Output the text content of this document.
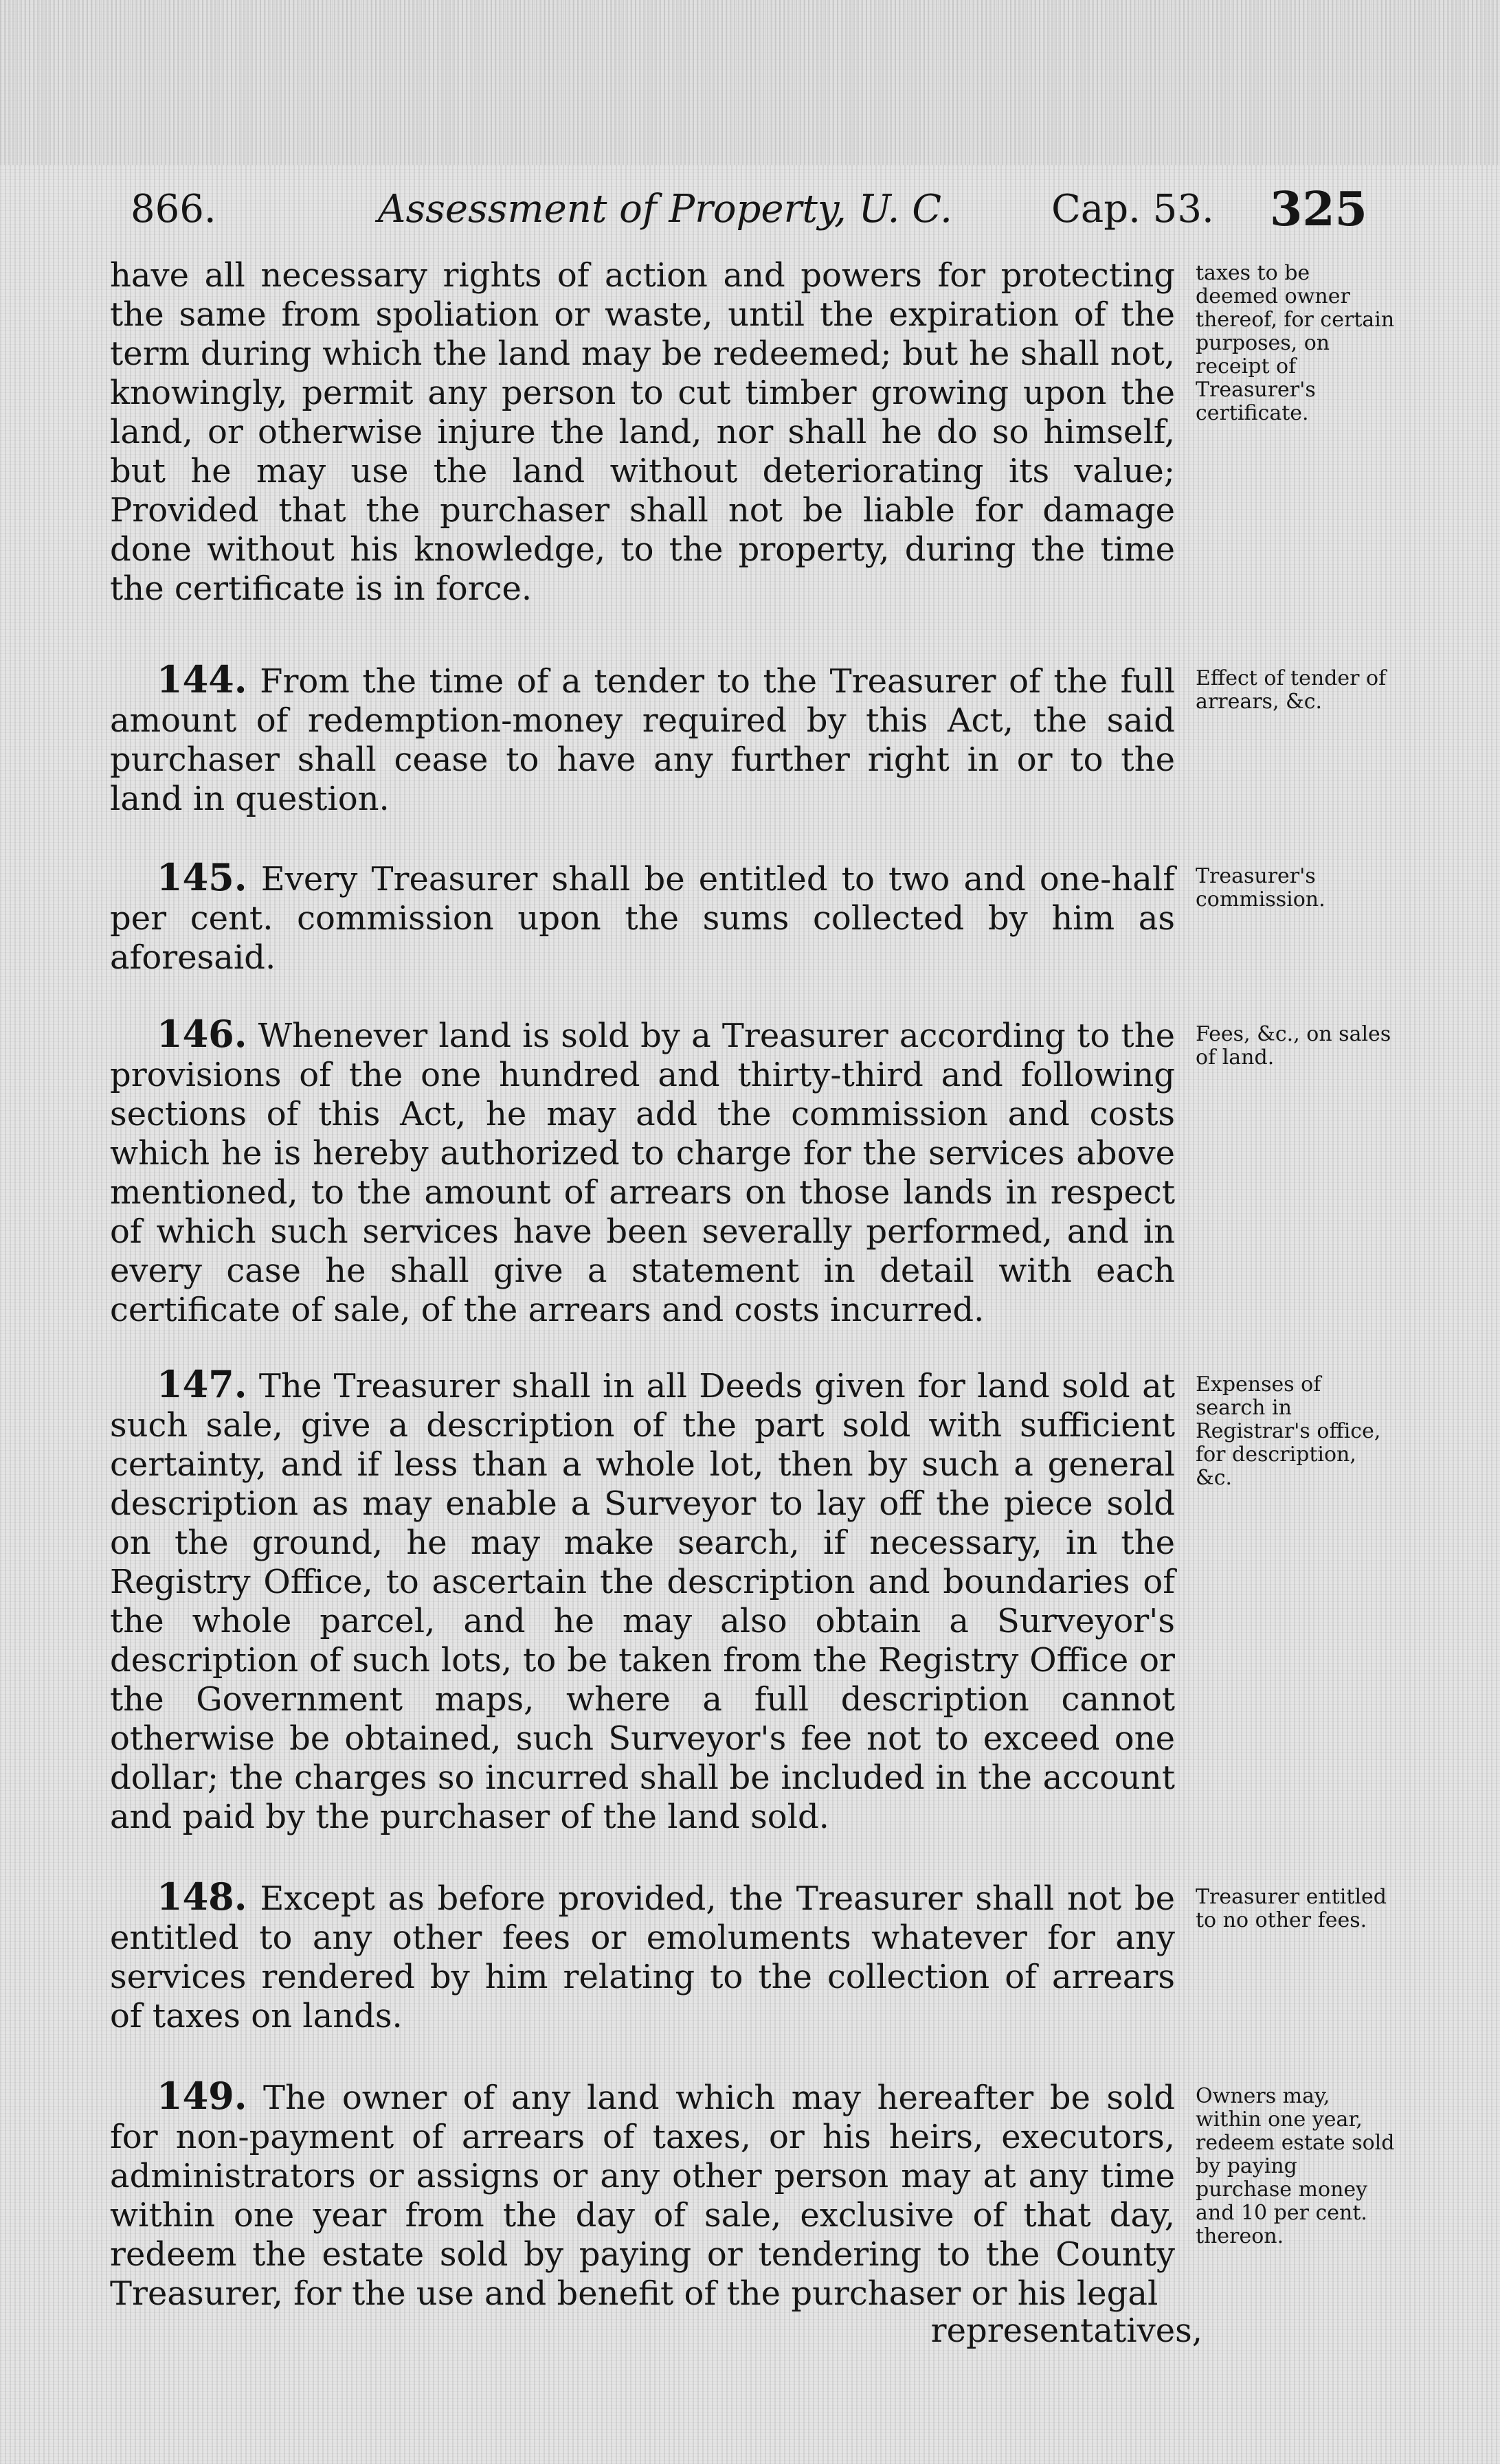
866.	Assessment of Property, U. C.	Cap. 53. 325
have all necessary rights of action and powers for protecting the same from spoliation or waste, until the expiration of the term during which the land may be redeemed; but he shall not, knowingly, permit any person to cut timber growing upon the land, or otherwise injure the land, nor shall he do so himself, but he may use the land without deteriorating its value; Provided that the purchaser shall not be liable for damage done without his knowledge, to the property, during the time the certificate is in force.
taxes to be deemed owner thereof, for certain purposes, on receipt of Treasurer's certificate.
144. From the time of a tender to the Treasurer of the full amount of redemption-money required by this Act, the said purchaser shall cease to have any further right in or to the land in question.
Effect of tender of arrears, &c.
145. Every Treasurer shall be entitled to two and one-half per cent. commission upon the sums collected by him as aforesaid.
Treasurer's commission.
146. Whenever land is sold by a Treasurer according to the provisions of the one hundred and thirty-third and following sections of this Act, he may add the commission and costs which he is hereby authorized to charge for the services above mentioned, to the amount of arrears on those lands in respect of which such services have been severally performed, and in every case he shall give a statement in detail with each certificate of sale, of the arrears and costs incurred.
Fees, &c., on sales of land.
147. The Treasurer shall in all Deeds given for land sold at such sale, give a description of the part sold with sufficient certainty, and if less than a whole lot, then by such a general description as may enable a Surveyor to lay off the piece sold on the ground, he may make search, if necessary, in the Registry Office, to ascertain the description and boundaries of the whole parcel, and he may also obtain a Surveyor's description of such lots, to be taken from the Registry Office or the Government maps, where a full description cannot otherwise be obtained, such Surveyor's fee not to exceed one dollar; the charges so incurred shall be included in the account and paid by the purchaser of the land sold.
Expenses of search in Registrar's office, for description, &c.
148. Except as before provided, the Treasurer shall not be entitled to any other fees or emoluments whatever for any services rendered by him relating to the collection of arrears of taxes on lands.
Treasurer entitled to no other fees.
149. The owner of any land which may hereafter be sold for non-payment of arrears of taxes, or his heirs, executors, administrators or assigns or any other person may at any time within one year from the day of sale, exclusive of that day, redeem the estate sold by paying or tendering to the County Treasurer, for the use and benefit of the purchaser or his legal
Owners may, within one year, redeem estate sold by paying purchase money and 10 per cent. thereon.
representatives,
